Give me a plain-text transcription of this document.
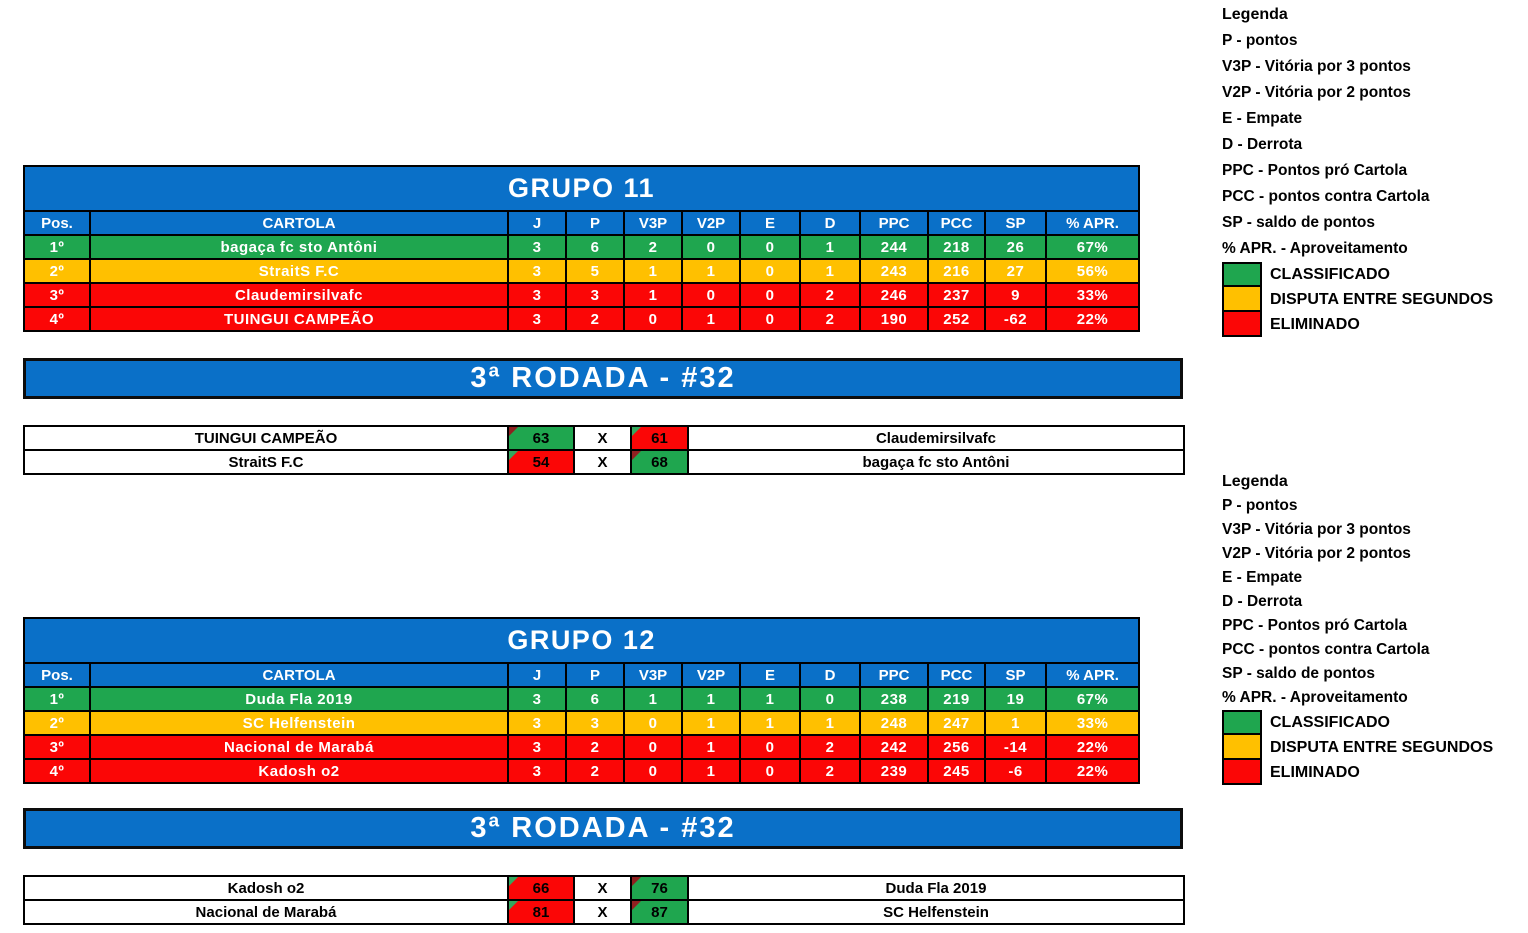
GRUPO 11											
Pos.	CARTOLA	J	P	V3P	V2P	E	D	PPC	PCC	SP	% APR.
1º	bagaça fc sto Antôni	3	6	2	0	0	1	244	218	26	67%
2º	StraitS F.C	3	5	1	1	0	1	243	216	27	56%
3º	Claudemirsilvafc	3	3	1	0	0	2	246	237	9	33%
4º	TUINGUI CAMPEÃO	3	2	0	1	0	2	190	252	-62	22%
3ª RODADA - #32
TUINGUI CAMPEÃO	63	X	61	Claudemirsilvafc
StraitS F.C	54	X	68	bagaça fc sto Antôni
GRUPO 12											
Pos.	CARTOLA	J	P	V3P	V2P	E	D	PPC	PCC	SP	% APR.
1º	Duda Fla 2019	3	6	1	1	1	0	238	219	19	67%
2º	SC Helfenstein	3	3	0	1	1	1	248	247	1	33%
3º	Nacional de Marabá	3	2	0	1	0	2	242	256	-14	22%
4º	Kadosh o2	3	2	0	1	0	2	239	245	-6	22%
3ª RODADA - #32
Kadosh o2	66	X	76	Duda Fla 2019
Nacional de Marabá	81	X	87	SC Helfenstein
Legenda
P - pontos
V3P - Vitória por 3 pontos
V2P - Vitória por 2 pontos
E - Empate
D - Derrota
PPC - Pontos pró Cartola
PCC - pontos contra Cartola
SP - saldo de pontos
% APR. - Aproveitamento
CLASSIFICADO
DISPUTA ENTRE SEGUNDOS
ELIMINADO
Legenda
P - pontos
V3P - Vitória por 3 pontos
V2P - Vitória por 2 pontos
E - Empate
D - Derrota
PPC - Pontos pró Cartola
PCC - pontos contra Cartola
SP - saldo de pontos
% APR. - Aproveitamento
CLASSIFICADO
DISPUTA ENTRE SEGUNDOS
ELIMINADO
